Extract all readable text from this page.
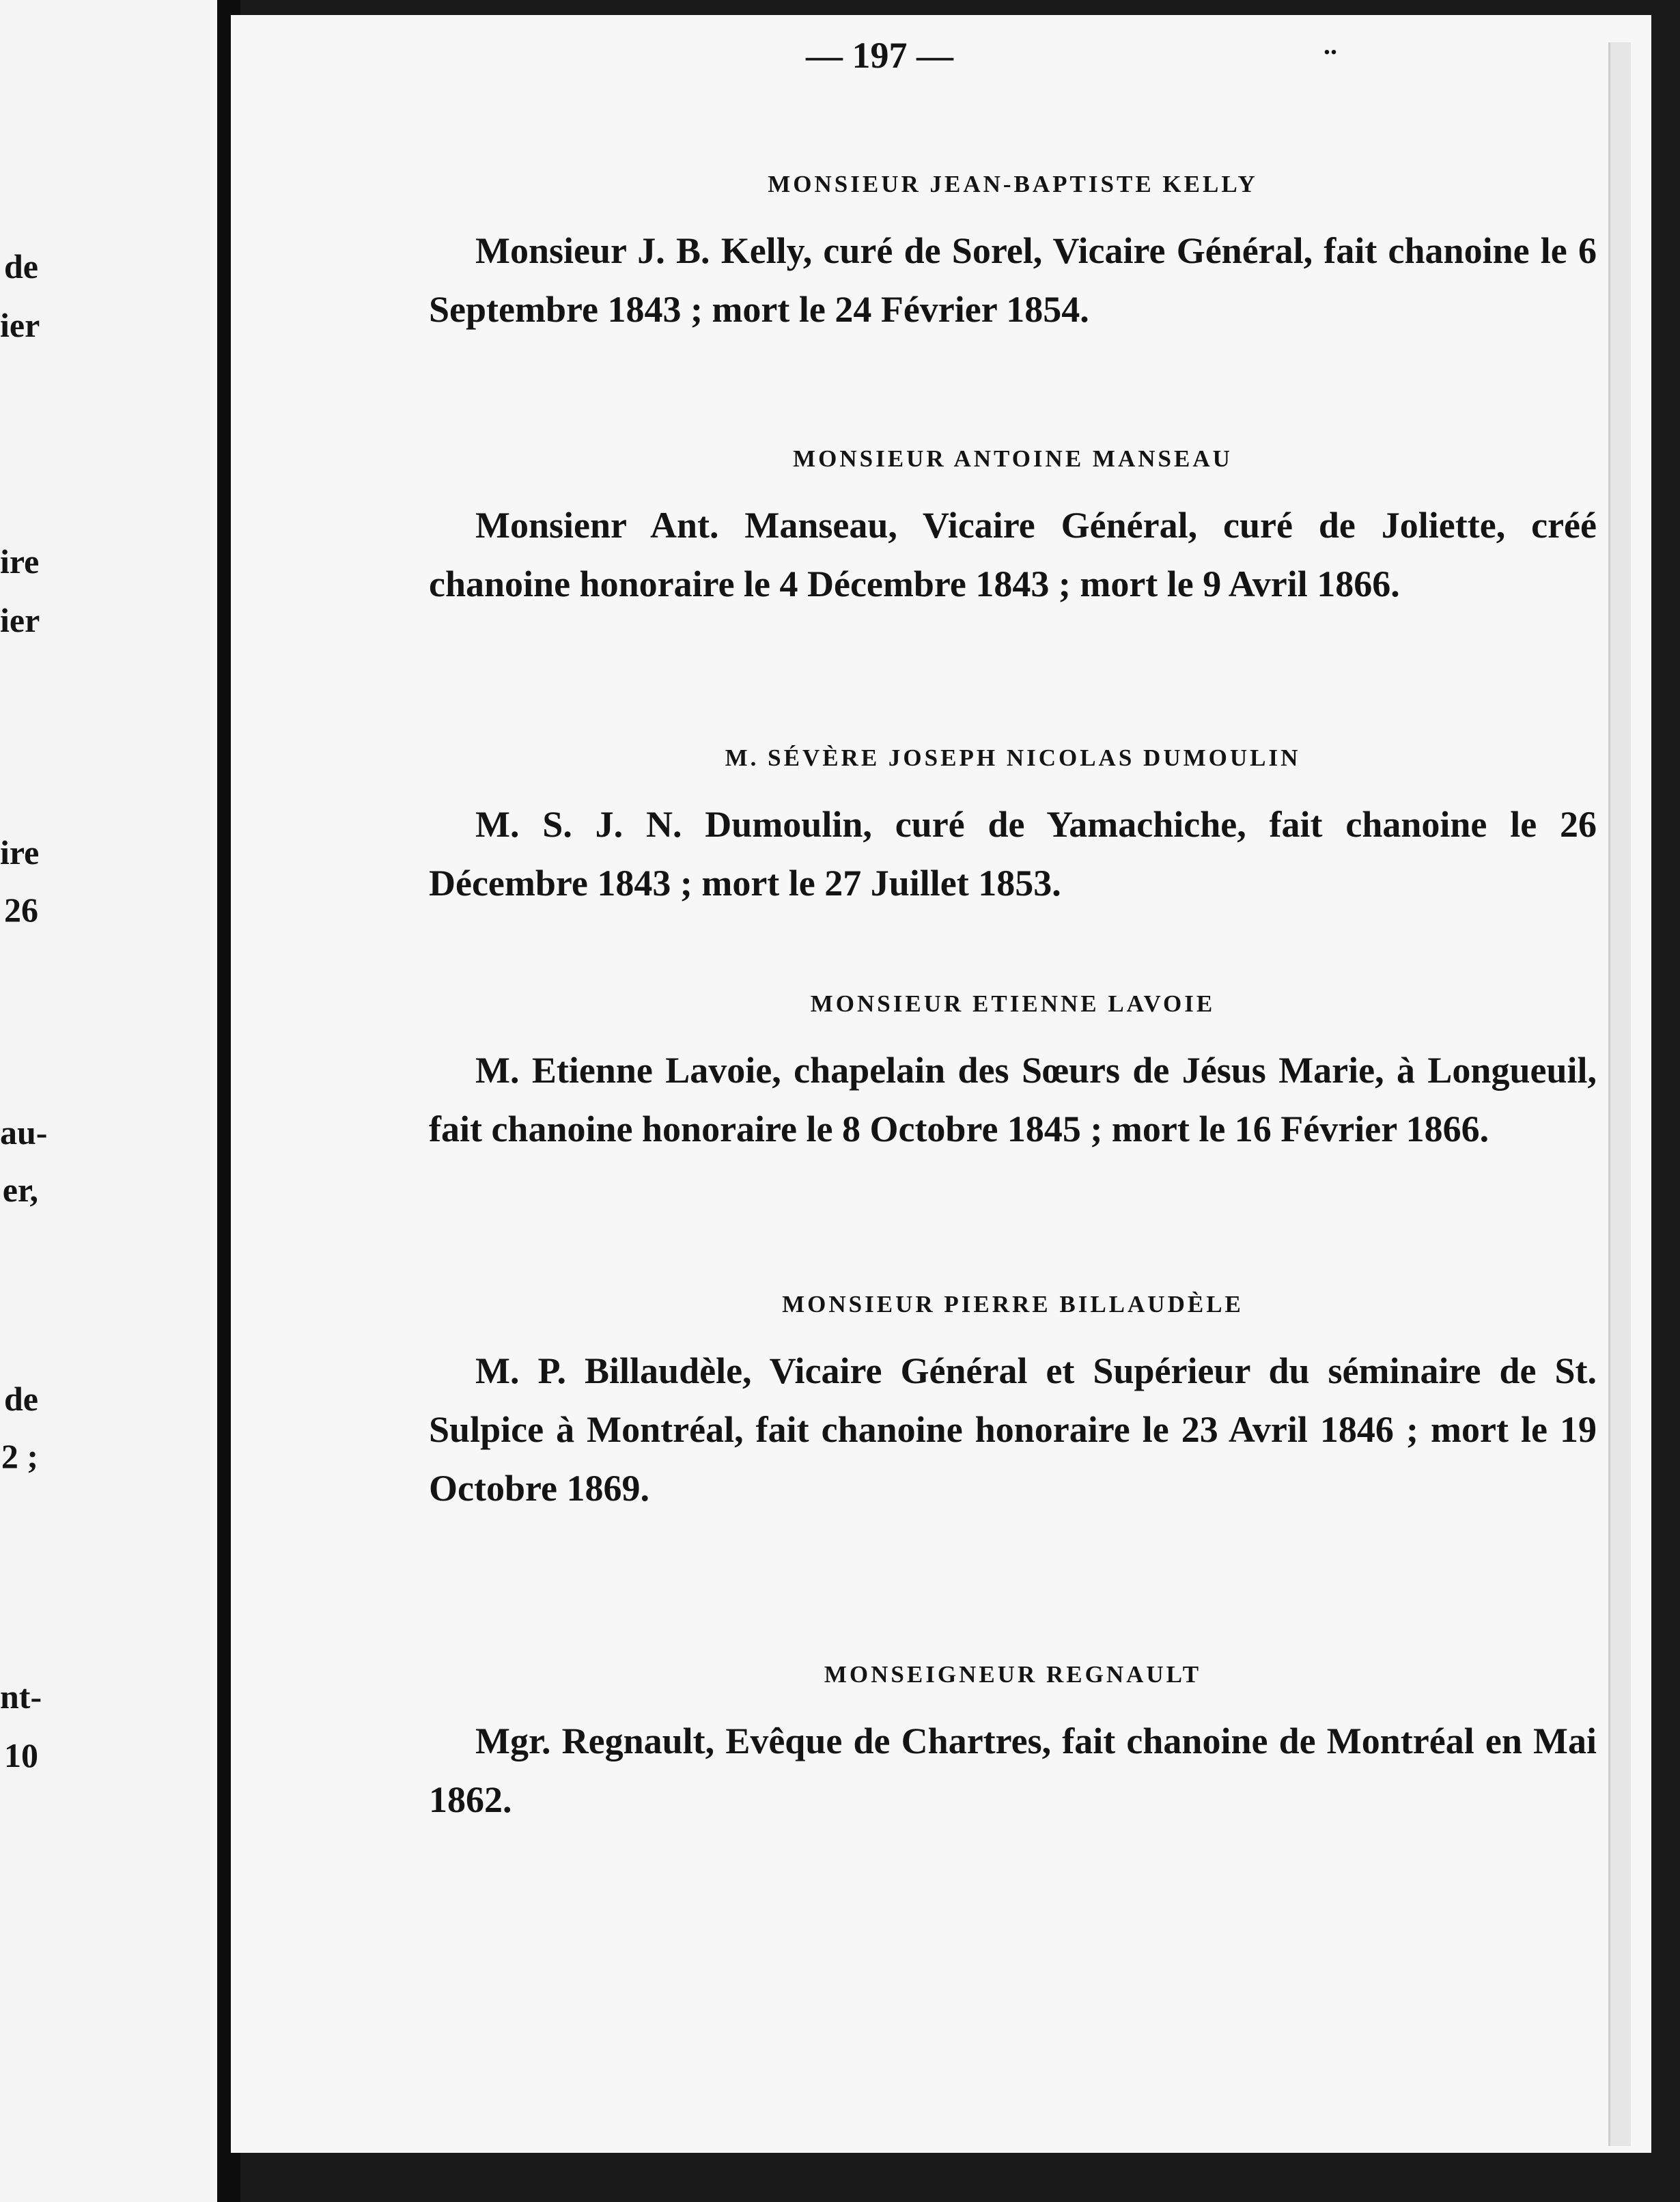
de

ier

ire

ier

ire

26

au-

er,

de

2 ;

nt-

10

— 197 —	..

MONSIEUR JEAN-BAPTISTE KELLY

Monsieur J. B. Kelly, curé de Sorel, Vicaire Général, fait chanoine le 6 Septembre 1843 ; mort le 24 Février 1854.

MONSIEUR ANTOINE MANSEAU

Monsienr Ant. Manseau, Vicaire Général, curé de Joliette, créé chanoine honoraire le 4 Décembre 1843 ; mort le 9 Avril 1866.

M. SÉVÈRE JOSEPH NICOLAS DUMOULIN

M. S. J. N. Dumoulin, curé de Yamachiche, fait chanoine le 26 Décembre 1843 ; mort le 27 Juillet 1853.

MONSIEUR ETIENNE LAVOIE

M. Etienne Lavoie, chapelain des Sœurs de Jésus Marie, à Longueuil, fait chanoine honoraire le 8 Octobre 1845 ; mort le 16 Février 1866.

MONSIEUR PIERRE BILLAUDÈLE

M. P. Billaudèle, Vicaire Général et Supérieur du séminaire de St. Sulpice à Montréal, fait chanoine honoraire le 23 Avril 1846 ; mort le 19 Octobre 1869.

MONSEIGNEUR REGNAULT

Mgr. Regnault, Evêque de Chartres, fait chanoine de Montréal en Mai 1862.
